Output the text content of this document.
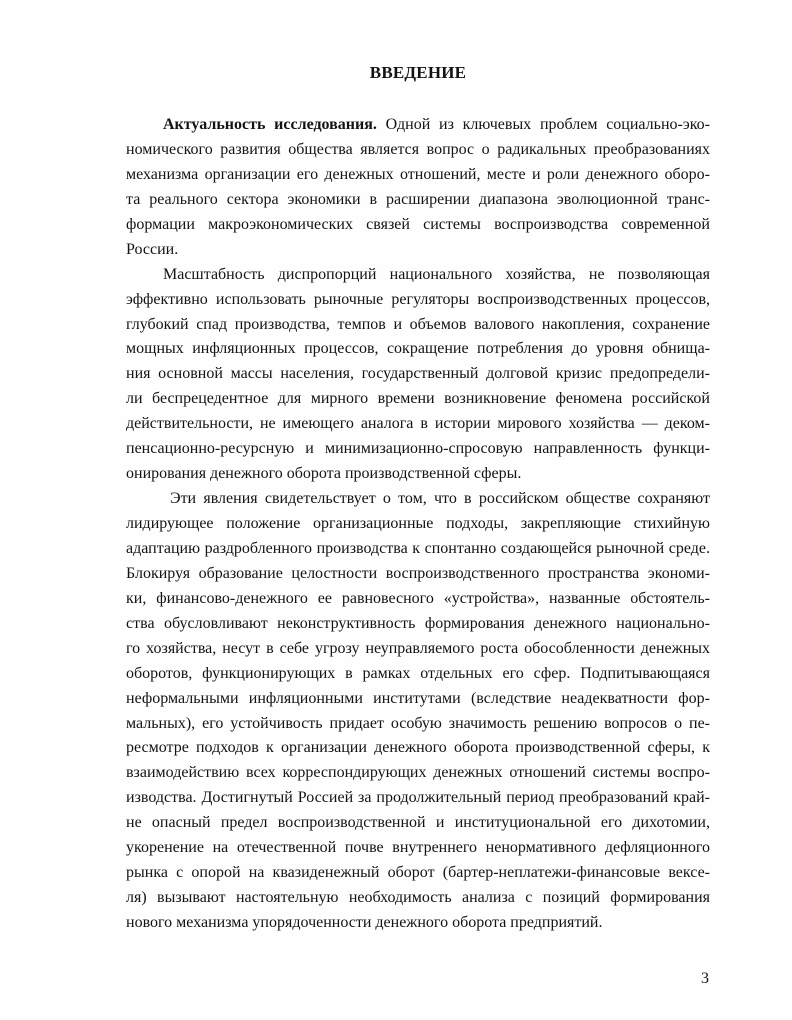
ВВЕДЕНИЕ
Актуальность исследования. Одной из ключевых проблем социально-эко-
номического развития общества является вопрос о радикальных преобразованиях
механизма организации его денежных отношений, месте и роли денежного оборо-
та реального сектора экономики в расширении диапазона эволюционной транс-
формации макроэкономических связей системы воспроизводства современной
России.
Масштабность диспропорций национального хозяйства, не позволяющая
эффективно использовать рыночные регуляторы воспроизводственных процессов,
глубокий спад производства, темпов и объемов валового накопления, сохранение
мощных инфляционных процессов, сокращение потребления до уровня обнища-
ния основной массы населения, государственный долговой кризис предопредели-
ли беспрецедентное для мирного времени возникновение феномена российской
действительности, не имеющего аналога в истории мирового хозяйства — деком-
пенсационно-ресурсную и минимизационно-спросовую направленность функци-
онирования денежного оборота производственной сферы.
Эти явления свидетельствует о том, что в российском обществе сохраняют
лидирующее положение организационные подходы, закрепляющие стихийную
адаптацию раздробленного производства к спонтанно создающейся рыночной среде.
Блокируя образование целостности воспроизводственного пространства экономи-
ки, финансово-денежного ее равновесного «устройства», названные обстоятель-
ства обусловливают неконструктивность формирования денежного национально-
го хозяйства, несут в себе угрозу неуправляемого роста обособленности денежных
оборотов, функционирующих в рамках отдельных его сфер. Подпитывающаяся
неформальными инфляционными институтами (вследствие неадекватности фор-
мальных), его устойчивость придает особую значимость решению вопросов о пе-
ресмотре подходов к организации денежного оборота производственной сферы, к
взаимодействию всех корреспондирующих денежных отношений системы воспро-
изводства. Достигнутый Россией за продолжительный период преобразований край-
не опасный предел воспроизводственной и институциональной его дихотомии,
укоренение на отечественной почве внутреннего ненормативного дефляционного
рынка с опорой на квазиденежный оборот (бартер-неплатежи-финансовые вексе-
ля) вызывают настоятельную необходимость анализа с позиций формирования
нового механизма упорядоченности денежного оборота предприятий.
3
